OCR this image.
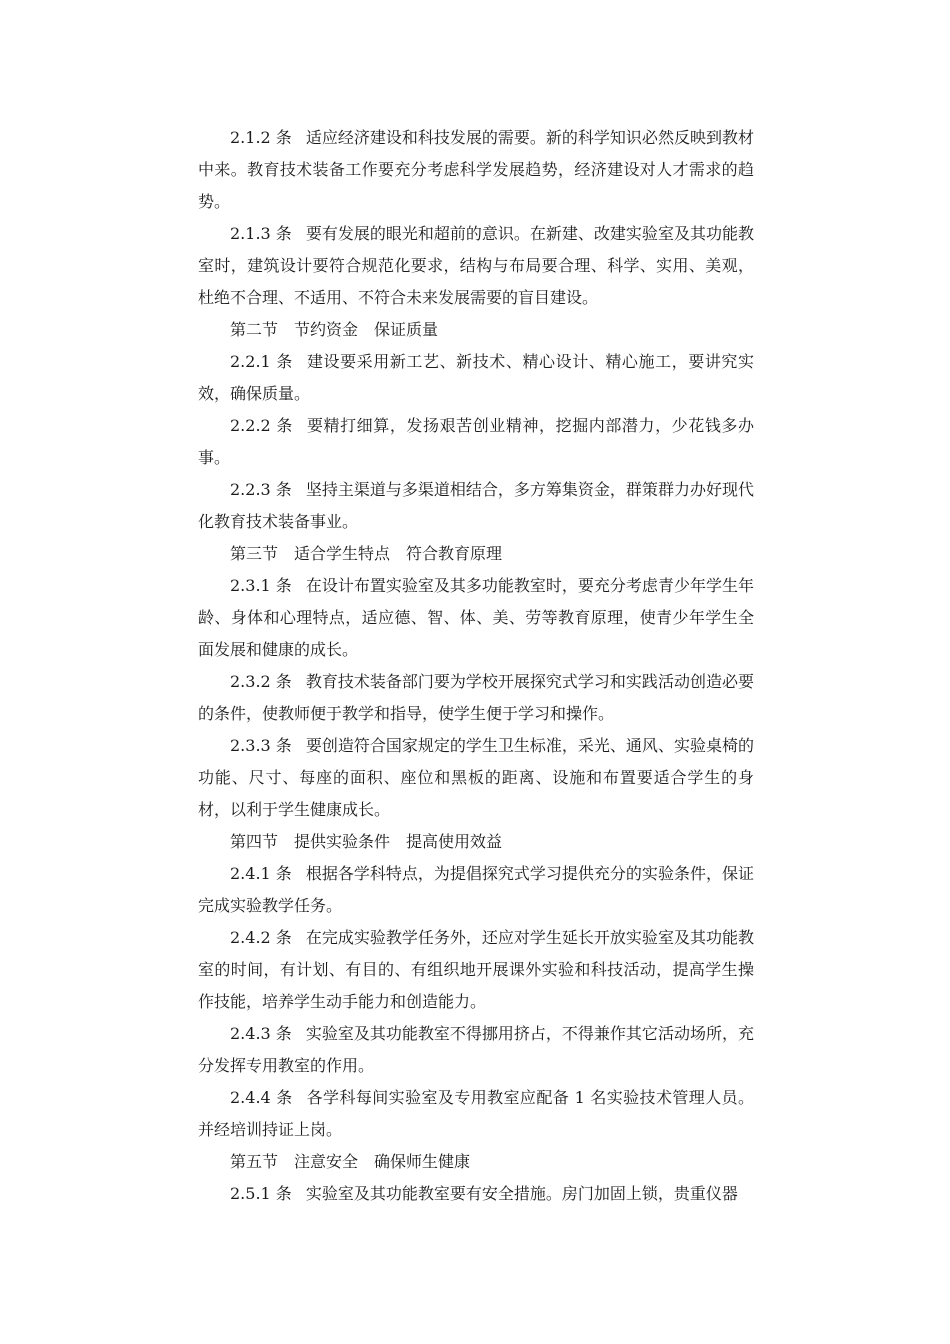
2.1.2 条 适应经济建设和科技发展的需要。新的科学知识必然反映到教材中来。教育技术装备工作要充分考虑科学发展趋势，经济建设对人才需求的趋势。

2.1.3 条 要有发展的眼光和超前的意识。在新建、改建实验室及其功能教室时，建筑设计要符合规范化要求，结构与布局要合理、科学、实用、美观，杜绝不合理、不适用、不符合未来发展需要的盲目建设。

第二节 节约资金 保证质量

2.2.1 条 建设要采用新工艺、新技术、精心设计、精心施工，要讲究实效，确保质量。

2.2.2 条 要精打细算，发扬艰苦创业精神，挖掘内部潜力，少花钱多办事。

2.2.3 条 坚持主渠道与多渠道相结合，多方筹集资金，群策群力办好现代化教育技术装备事业。

第三节 适合学生特点 符合教育原理

2.3.1 条 在设计布置实验室及其多功能教室时，要充分考虑青少年学生年龄、身体和心理特点，适应德、智、体、美、劳等教育原理，使青少年学生全面发展和健康的成长。

2.3.2 条 教育技术装备部门要为学校开展探究式学习和实践活动创造必要的条件，使教师便于教学和指导，使学生便于学习和操作。

2.3.3 条 要创造符合国家规定的学生卫生标准，采光、通风、实验桌椅的功能、尺寸、每座的面积、座位和黑板的距离、设施和布置要适合学生的身材，以利于学生健康成长。

第四节 提供实验条件 提高使用效益

2.4.1 条 根据各学科特点，为提倡探究式学习提供充分的实验条件，保证完成实验教学任务。

2.4.2 条 在完成实验教学任务外，还应对学生延长开放实验室及其功能教室的时间，有计划、有目的、有组织地开展课外实验和科技活动，提高学生操作技能，培养学生动手能力和创造能力。

2.4.3 条 实验室及其功能教室不得挪用挤占，不得兼作其它活动场所，充分发挥专用教室的作用。

2.4.4 条 各学科每间实验室及专用教室应配备 1 名实验技术管理人员。并经培训持证上岗。

第五节 注意安全 确保师生健康

2.5.1 条 实验室及其功能教室要有安全措施。房门加固上锁，贵重仪器
